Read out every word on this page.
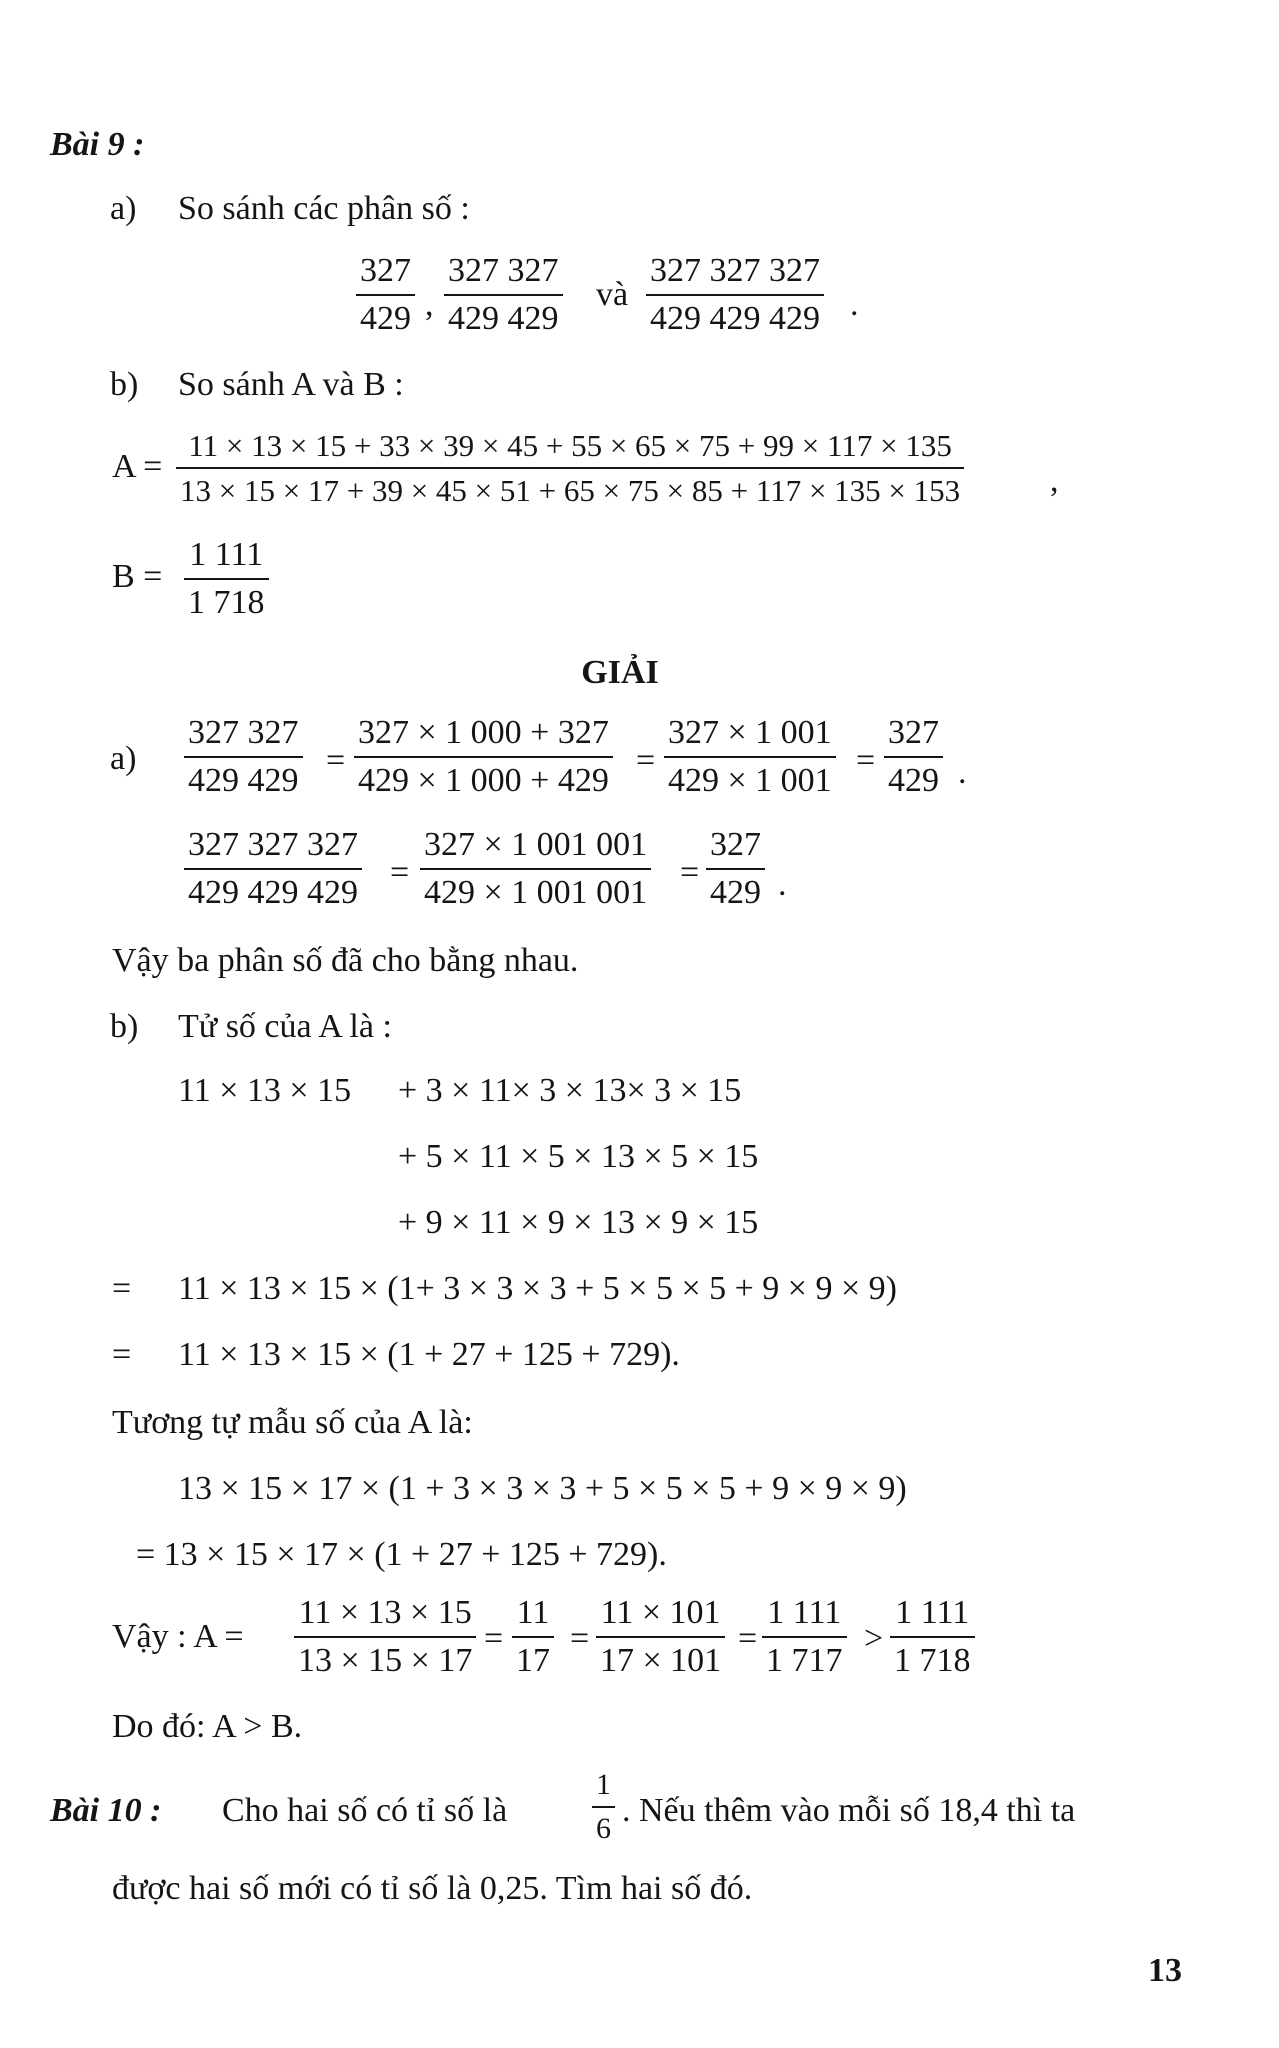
Bài 9 :
a) So sánh các phân số :
$\frac{327}{429}$ , $\frac{327 327}{429 429}$ và $\frac{327 327 327}{429 429 429}$ .
b) So sánh A và B :
$A = \frac{11 \times 13 \times 15 + 33 \times 39 \times 45 + 55 \times 65 \times 75 + 99 \times 117 \times 135}{13 \times 15 \times 17 + 39 \times 45 \times 51 + 65 \times 75 \times 85 + 117 \times 135 \times 153}$	,
$B = \frac{1 111}{1 718}$
GIẢI
$a) \frac{327 327}{429 429} = \frac{327 \times 1 000 + 327}{429 \times 1 000 + 429} = \frac{327 \times 1 001}{429 \times 1 001} = \frac{327}{429}$ .
$\frac{327 327 327}{429 429 429} = \frac{327 \times 1 001 001}{429 \times 1 001 001} = \frac{327}{429}$ .
Vậy ba phân số đã cho bằng nhau.
b) Tử số của A là :
11 × 13 × 15 + 3 × 11× 3 × 13× 3 × 15
+ 5 × 11 × 5 × 13 × 5 × 15
+ 9 × 11 × 9 × 13 × 9 × 15
= 11 × 13 × 15 × (1+ 3 × 3 × 3 + 5 × 5 × 5 + 9 × 9 × 9)
= 11 × 13 × 15 × (1 + 27 + 125 + 729).
Tương tự mẫu số của A là:
13 × 15 × 17 × (1 + 3 × 3 × 3 + 5 × 5 × 5 + 9 × 9 × 9)
= 13 × 15 × 17 × (1 + 27 + 125 + 729).
Vậy : $A = \frac{11 \times 13 \times 15}{13 \times 15 \times 17} = \frac{11}{17} = \frac{11 \times 101}{17 \times 101} = \frac{1 111}{1 717} > \frac{1 111}{1 718}$
Do đó: A > B.
Bài 10 : Cho hai số có tỉ số là	$\frac{1}{6}$ . Nếu thêm vào mỗi số 18,4 thì ta
được hai số mới có tỉ số là 0,25. Tìm hai số đó.
13
